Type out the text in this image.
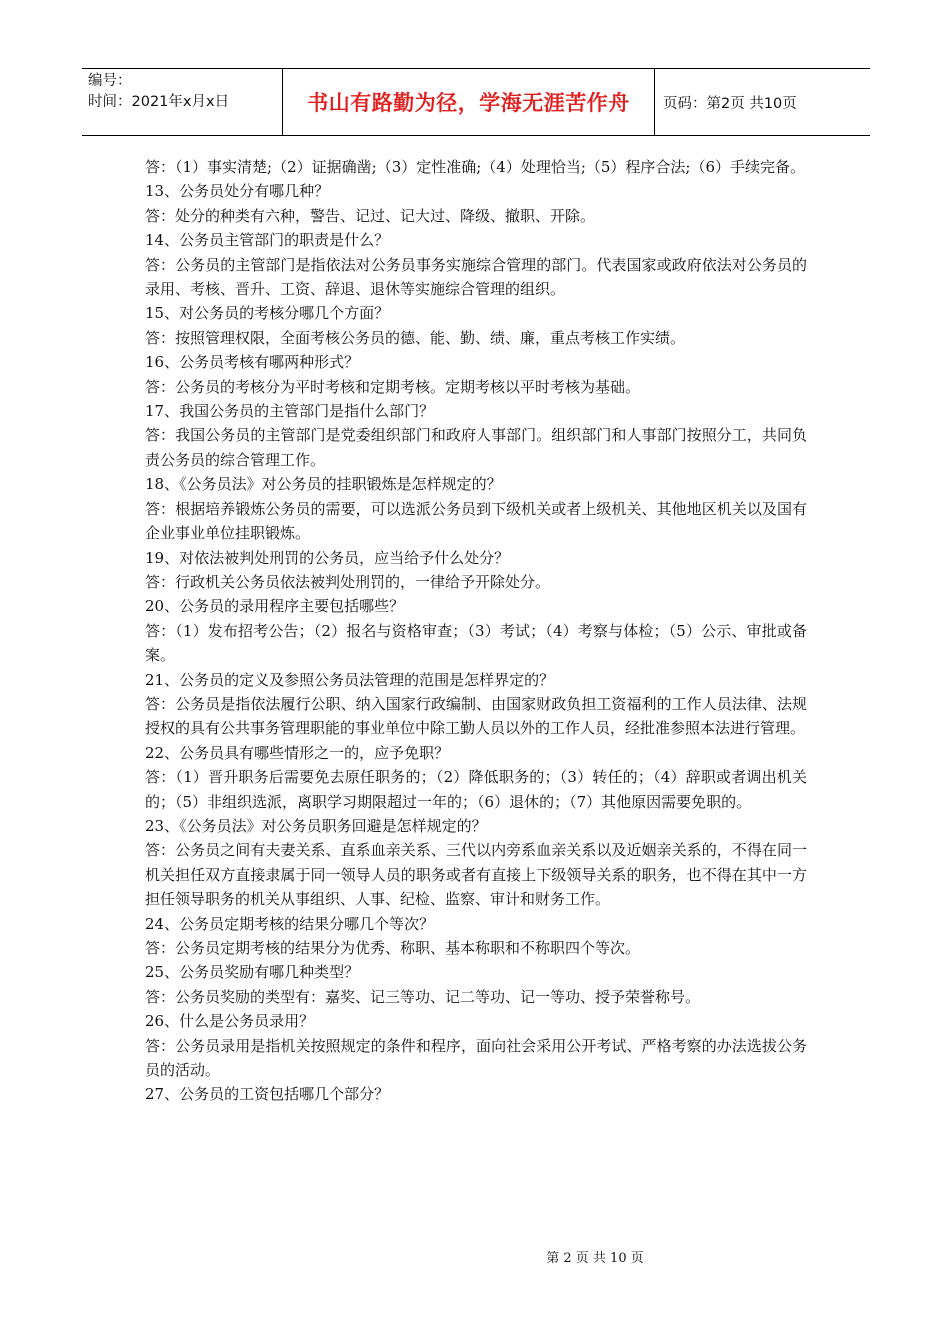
编号：
时间：2021年x月x日	书山有路勤为径，学海无涯苦作舟	页码：第2页 共10页

答：（1）事实清楚;（2）证据确凿;（3）定性准确;（4）处理恰当;（5）程序合法;（6）手续完备。

13、公务员处分有哪几种？

答：处分的种类有六种，警告、记过、记大过、降级、撤职、开除。

14、公务员主管部门的职责是什么？

答：公务员的主管部门是指依法对公务员事务实施综合管理的部门。代表国家或政府依法对公务员的录用、考核、晋升、工资、辞退、退休等实施综合管理的组织。

15、对公务员的考核分哪几个方面？

答：按照管理权限，全面考核公务员的德、能、勤、绩、廉，重点考核工作实绩。

16、公务员考核有哪两种形式？

答：公务员的考核分为平时考核和定期考核。定期考核以平时考核为基础。

17、我国公务员的主管部门是指什么部门？

答：我国公务员的主管部门是党委组织部门和政府人事部门。组织部门和人事部门按照分工，共同负责公务员的综合管理工作。

18、《公务员法》对公务员的挂职锻炼是怎样规定的？

答：根据培养锻炼公务员的需要，可以选派公务员到下级机关或者上级机关、其他地区机关以及国有企业事业单位挂职锻炼。

19、对依法被判处刑罚的公务员，应当给予什么处分？

答：行政机关公务员依法被判处刑罚的，一律给予开除处分。

20、公务员的录用程序主要包括哪些？

答：（1）发布招考公告；（2）报名与资格审查；（3）考试；（4）考察与体检；（5）公示、审批或备案。

21、公务员的定义及参照公务员法管理的范围是怎样界定的？

答：公务员是指依法履行公职、纳入国家行政编制、由国家财政负担工资福利的工作人员法律、法规授权的具有公共事务管理职能的事业单位中除工勤人员以外的工作人员，经批准参照本法进行管理。

22、公务员具有哪些情形之一的，应予免职？

答：（1）晋升职务后需要免去原任职务的；（2）降低职务的；（3）转任的；（4）辞职或者调出机关的；（5）非组织选派，离职学习期限超过一年的；（6）退休的；（7）其他原因需要免职的。

23、《公务员法》对公务员职务回避是怎样规定的？

答：公务员之间有夫妻关系、直系血亲关系、三代以内旁系血亲关系以及近姻亲关系的，不得在同一机关担任双方直接隶属于同一领导人员的职务或者有直接上下级领导关系的职务，也不得在其中一方担任领导职务的机关从事组织、人事、纪检、监察、审计和财务工作。

24、公务员定期考核的结果分哪几个等次？

答：公务员定期考核的结果分为优秀、称职、基本称职和不称职四个等次。

25、公务员奖励有哪几种类型？

答：公务员奖励的类型有：嘉奖、记三等功、记二等功、记一等功、授予荣誉称号。

26、什么是公务员录用？

答：公务员录用是指机关按照规定的条件和程序，面向社会采用公开考试、严格考察的办法选拔公务员的活动。

27、公务员的工资包括哪几个部分？

第 2 页 共 10 页
